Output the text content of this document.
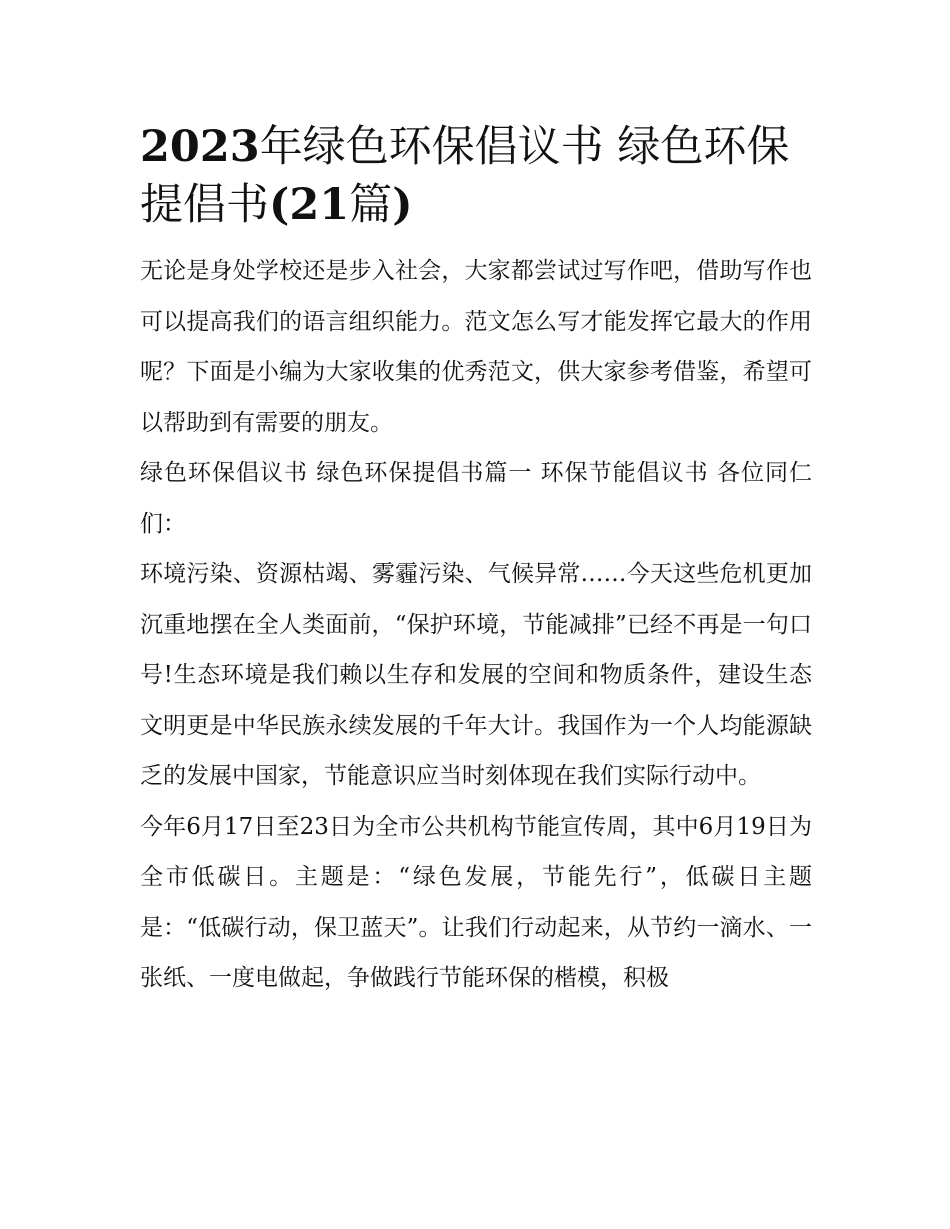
2023年绿色环保倡议书 绿色环保提倡书(21篇)

无论是身处学校还是步入社会，大家都尝试过写作吧，借助写作也可以提高我们的语言组织能力。范文怎么写才能发挥它最大的作用呢？下面是小编为大家收集的优秀范文，供大家参考借鉴，希望可以帮助到有需要的朋友。

绿色环保倡议书 绿色环保提倡书篇一 环保节能倡议书 各位同仁们：

环境污染、资源枯竭、雾霾污染、气候异常……今天这些危机更加沉重地摆在全人类面前，“保护环境，节能减排”已经不再是一句口号!生态环境是我们赖以生存和发展的空间和物质条件，建设生态文明更是中华民族永续发展的千年大计。我国作为一个人均能源缺乏的发展中国家，节能意识应当时刻体现在我们实际行动中。

今年6月17日至23日为全市公共机构节能宣传周，其中6月19日为全市低碳日。主题是：“绿色发展，节能先行”，低碳日主题是：“低碳行动，保卫蓝天”。让我们行动起来，从节约一滴水、一张纸、一度电做起，争做践行节能环保的楷模，积极
